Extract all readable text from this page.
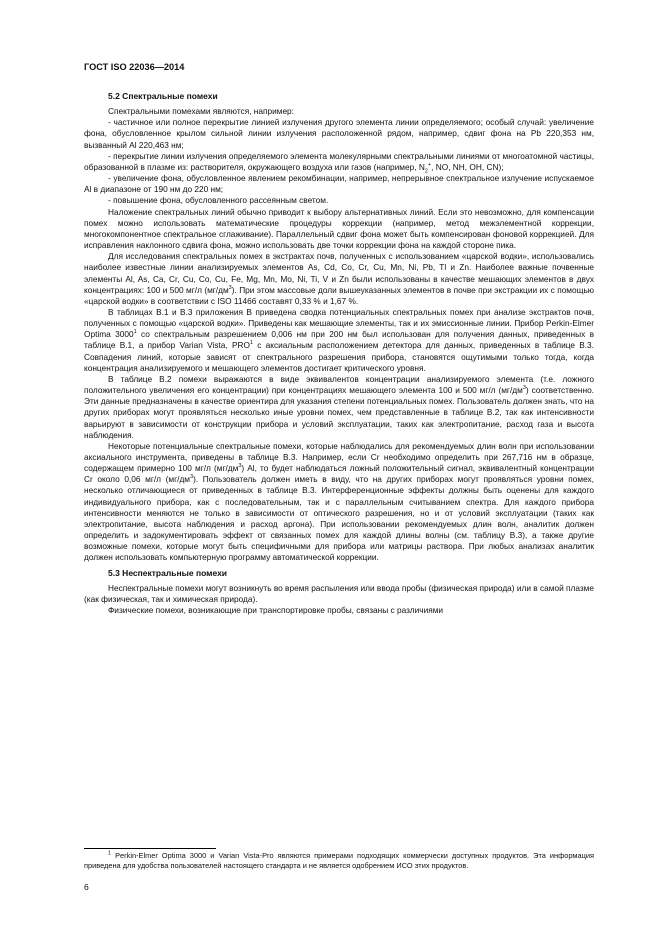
ГОСТ ISO 22036—2014
5.2 Спектральные помехи

Спектральными помехами являются, например:

- частичное или полное перекрытие линией излучения другого элемента линии определяемого; особый случай: увеличение фона, обусловленное крылом сильной линии излучения расположенной рядом, например, сдвиг фона на Pb 220,353 нм, вызванный Al 220,463 нм;

- перекрытие линии излучения определяемого элемента молекулярными спектральными линиями от многоатомной частицы, образованной в плазме из: растворителя, окружающего воздуха или газов (например, $N_2^+$, NO, NH, OH, CN);

- увеличение фона, обусловленное явлением рекомбинации, например, непрерывное спектральное излучение испускаемое Al в диапазоне от 190 нм до 220 нм;

- повышение фона, обусловленного рассеянным светом.

Наложение спектральных линий обычно приводит к выбору альтернативных линий. Если это невозможно, для компенсации помех можно использовать математические процедуры коррекции (например, метод межэлементной коррекции, многокомпонентное спектральное сглаживание). Параллельный сдвиг фона может быть компенсирован фоновой коррекцией. Для исправления наклонного сдвига фона, можно использовать две точки коррекции фона на каждой стороне пика.

Для исследования спектральных помех в экстрактах почв, полученных с использованием «царской водки», использовались наиболее известные линии анализируемых элементов As, Cd, Co, Cr, Cu, Mn, Ni, Pb, Tl и Zn. Наиболее важные почвенные элементы Al, As, Ca, Cr, Cu, Co, Cu, Fe, Mg, Mn, Mo, Ni, Ti, V и Zn были использованы в качестве мешающих элементов в двух концентрациях: 100 и 500 мг/л $(мг/дм^3)$. При этом массовые доли вышеуказанных элементов в почве при экстракции их с помощью «царской водки» в соответствии с ISO 11466 составят 0,33 % и 1,67 %.

В таблицах В.1 и В.3 приложения В приведена сводка потенциальных спектральных помех при анализе экстрактов почв, полученных с помощью «царской водки». Приведены как мешающие элементы, так и их эмиссионные линии. Прибор Perkin-Elmer Optima 3000$^1$ со спектральным разрешением 0,006 нм при 200 нм был использован для получения данных, приведенных в таблице В.1, а прибор Varian Vista, PRO$^1$ с аксиальным расположением детектора для данных, приведенных в таблице В.3. Совпадения линий, которые зависят от спектрального разрешения прибора, становятся ощутимыми только тогда, когда концентрация анализируемого и мешающего элементов достигает критического уровня.

В таблице В.2 помехи выражаются в виде эквивалентов концентрации анализируемого элемента (т.е. ложного положительного увеличения его концентрации) при концентрациях мешающего элемента 100 и 500 мг/л $(мг/дм^3)$ соответственно. Эти данные предназначены в качестве ориентира для указания степени потенциальных помех. Пользователь должен знать, что на других приборах могут проявляться несколько иные уровни помех, чем представленные в таблице В.2, так как интенсивности варьируют в зависимости от конструкции прибора и условий эксплуатации, таких как электропитание, расход газа и высота наблюдения.

Некоторые потенциальные спектральные помехи, которые наблюдались для рекомендуемых длин волн при использовании аксиального инструмента, приведены в таблице В.3. Например, если Cr необходимо определить при 267,716 нм в образце, содержащем примерно 100 мг/л $(мг/дм^3)$ Al, то будет наблюдаться ложный положительный сигнал, эквивалентный концентрации Cr около 0,06 мг/л $(мг/дм^3)$. Пользователь должен иметь в виду, что на других приборах могут проявляться уровни помех, несколько отличающиеся от приведенных в таблице В.3. Интерференционные эффекты должны быть оценены для каждого индивидуального прибора, как с последовательным, так и с параллельным считыванием спектра. Для каждого прибора интенсивности меняются не только в зависимости от оптического разрешения, но и от условий эксплуатации (таких как электропитание, высота наблюдения и расход аргона). При использовании рекомендуемых длин волн, аналитик должен определить и задокументировать эффект от связанных помех для каждой длины волны (см. таблицу В.3), а также другие возможные помехи, которые могут быть специфичными для прибора или матрицы раствора. При любых анализах аналитик должен использовать компьютерную программу автоматической коррекции.

5.3 Неспектральные помехи

Неспектральные помехи могут возникнуть во время распыления или ввода пробы (физическая природа) или в самой плазме (как физическая, так и химическая природа).

Физические помехи, возникающие при транспортировке пробы, связаны с различиями

$^1$ Perkin-Elmer Optima 3000 и Varian Vista-Pro являются примерами подходящих коммерчески доступных продуктов. Эта информация приведена для удобства пользователей настоящего стандарта и не является одобрением ИСО этих продуктов.
6
